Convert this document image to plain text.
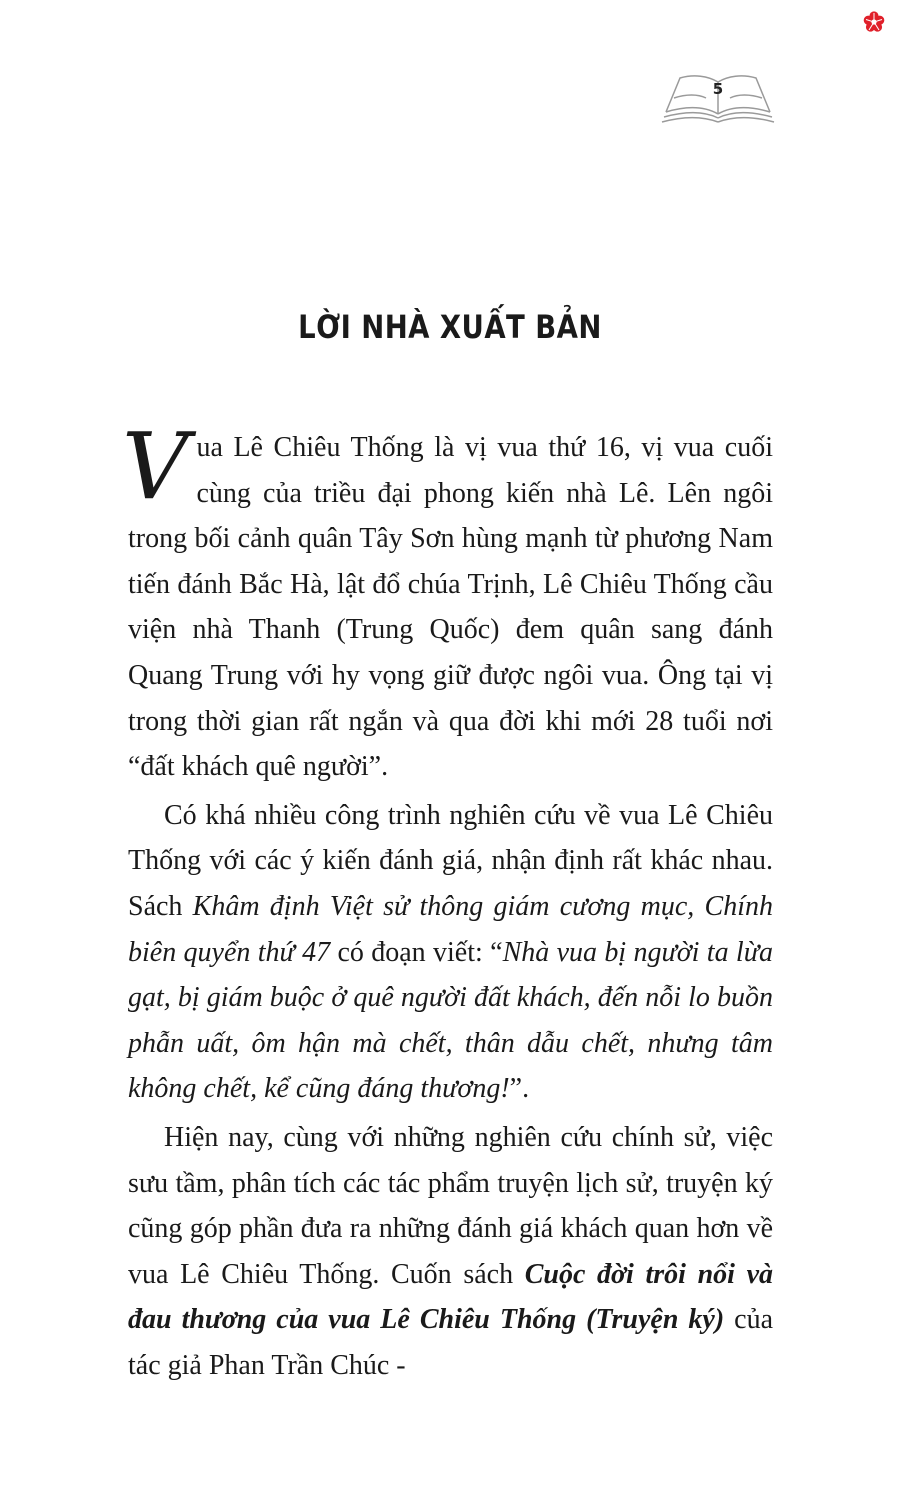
5
LỜI NHÀ XUẤT BẢN

Vua Lê Chiêu Thống là vị vua thứ 16, vị vua cuối cùng của triều đại phong kiến nhà Lê. Lên ngôi trong bối cảnh quân Tây Sơn hùng mạnh từ phương Nam tiến đánh Bắc Hà, lật đổ chúa Trịnh, Lê Chiêu Thống cầu viện nhà Thanh (Trung Quốc) đem quân sang đánh Quang Trung với hy vọng giữ được ngôi vua. Ông tại vị trong thời gian rất ngắn và qua đời khi mới 28 tuổi nơi “đất khách quê người”.

Có khá nhiều công trình nghiên cứu về vua Lê Chiêu Thống với các ý kiến đánh giá, nhận định rất khác nhau. Sách Khâm định Việt sử thông giám cương mục, Chính biên quyển thứ 47 có đoạn viết: “Nhà vua bị người ta lừa gạt, bị giám buộc ở quê người đất khách, đến nỗi lo buồn phẫn uất, ôm hận mà chết, thân dẫu chết, nhưng tâm không chết, kể cũng đáng thương!”.

Hiện nay, cùng với những nghiên cứu chính sử, việc sưu tầm, phân tích các tác phẩm truyện lịch sử, truyện ký cũng góp phần đưa ra những đánh giá khách quan hơn về vua Lê Chiêu Thống. Cuốn sách Cuộc đời trôi nổi và đau thương của vua Lê Chiêu Thống (Truyện ký) của tác giả Phan Trần Chúc -
